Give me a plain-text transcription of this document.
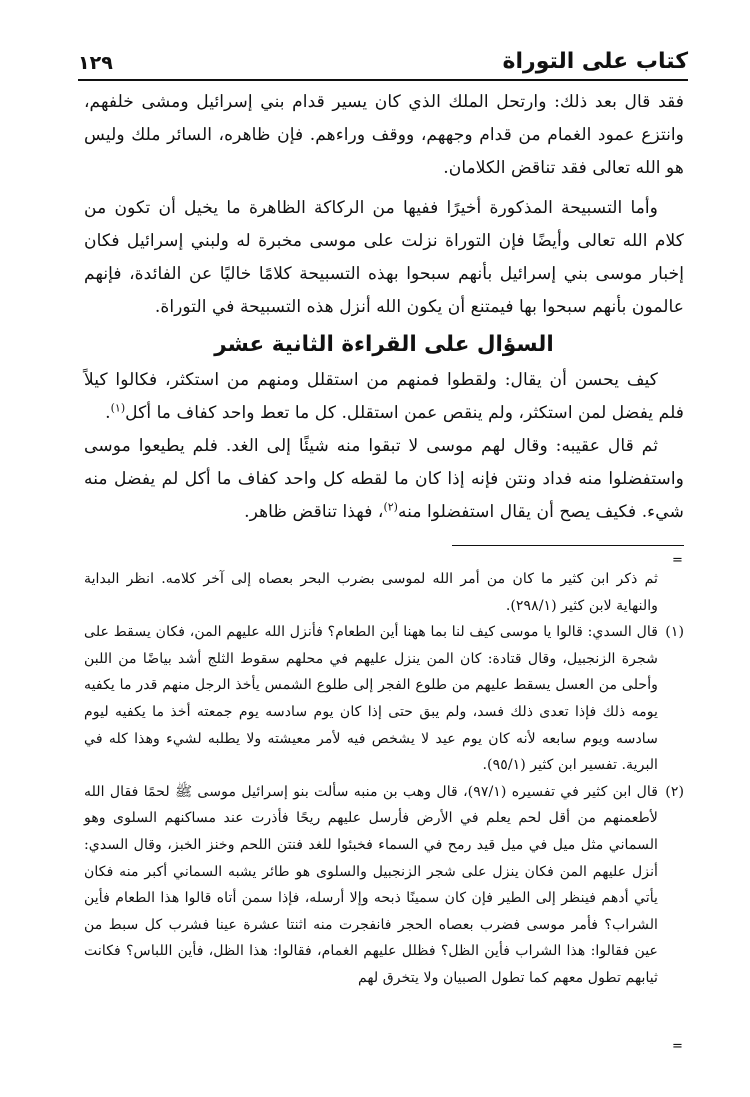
١٢٩	كتاب على التوراة

فقد قال بعد ذلك: وارتحل الملك الذي كان يسير قدام بني إسرائيل ومشى خلفهم، وانتزع عمود الغمام من قدام وجههم، ووقف وراءهم. فإن ظاهره، السائر ملك وليس هو الله تعالى فقد تناقض الكلامان.

وأما التسبيحة المذكورة أخيرًا ففيها من الركاكة الظاهرة ما يخيل أن تكون من كلام الله تعالى وأيضًا فإن التوراة نزلت على موسى مخبرة له ولبني إسرائيل فكان إخبار موسى بني إسرائيل بأنهم سبحوا بهذه التسبيحة كلامًا خاليًا عن الفائدة، فإنهم عالمون بأنهم سبحوا بها فيمتنع أن يكون الله أنزل هذه التسبيحة في التوراة.

السؤال على القراءة الثانية عشر

كيف يحسن أن يقال: ولقطوا فمنهم من استقلل ومنهم من استكثر، فكالوا كيلاً فلم يفضل لمن استكثر، ولم ينقص عمن استقلل. كل ما تعط واحد كفاف ما أكل$^{(١)}$.

ثم قال عقيبه: وقال لهم موسى لا تبقوا منه شيئًا إلى الغد. فلم يطيعوا موسى واستفضلوا منه فداد ونتن فإنه إذا كان ما لقطه كل واحد كفاف ما أكل لم يفضل منه شيء. فكيف يصح أن يقال استفضلوا منه$^{(٢)}$، فهذا تناقض ظاهر.

=

ثم ذكر ابن كثير ما كان من أمر الله لموسى بضرب البحر بعصاه إلى آخر كلامه. انظر البداية والنهاية لابن كثير (٢٩٨/١).

(١)
قال السدي: قالوا يا موسى كيف لنا بما ههنا أين الطعام؟ فأنزل الله عليهم المن، فكان يسقط على شجرة الزنجبيل، وقال قتادة: كان المن ينزل عليهم في محلهم سقوط الثلج أشد بياضًا من اللبن وأحلى من العسل يسقط عليهم من طلوع الفجر إلى طلوع الشمس يأخذ الرجل منهم قدر ما يكفيه يومه ذلك فإذا تعدى ذلك فسد، ولم يبق حتى إذا كان يوم سادسه يوم جمعته أخذ ما يكفيه ليوم سادسه ويوم سابعه لأنه كان يوم عيد لا يشخص فيه لأمر معيشته ولا يطلبه لشيء وهذا كله في البرية. تفسير ابن كثير (٩٥/١).
(٢)
قال ابن كثير في تفسيره (٩٧/١)، قال وهب بن منبه سألت بنو إسرائيل موسى ﷺ لحمًا فقال الله لأطعمنهم من أقل لحم يعلم في الأرض فأرسل عليهم ريحًا فأذرت عند مساكنهم السلوى وهو السماني مثل ميل في ميل قيد رمح في السماء فخبئوا للغد فنتن اللحم وخنز الخبز، وقال السدي: أنزل عليهم المن فكان ينزل على شجر الزنجبيل والسلوى هو طائر يشبه السماني أكبر منه فكان يأتي أدهم فينظر إلى الطير فإن كان سمينًا ذبحه وإلا أرسله، فإذا سمن أتاه قالوا هذا الطعام فأين الشراب؟ فأمر موسى فضرب بعصاه الحجر فانفجرت منه اثنتا عشرة عينا فشرب كل سبط من عين فقالوا: هذا الشراب فأين الظل؟ فظلل عليهم الغمام، فقالوا: هذا الظل، فأين اللباس؟ فكانت ثيابهم تطول معهم كما تطول الصبيان ولا يتخرق لهم
=
